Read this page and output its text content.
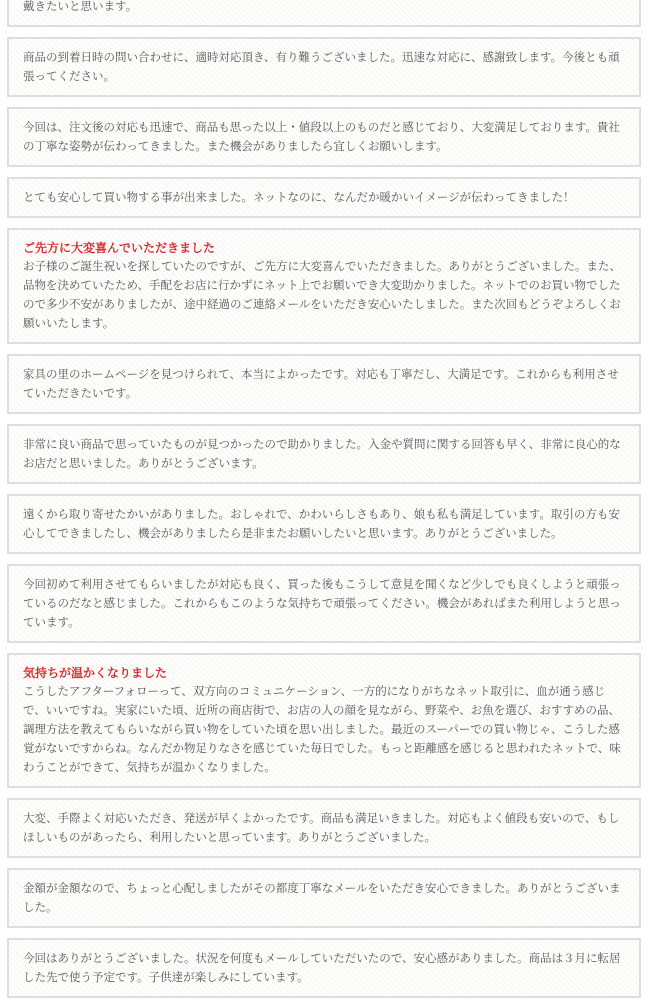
戴きたいと思います。
商品の到着日時の問い合わせに、適時対応頂き、有り難うございました。迅速な対応に、感謝致します。今後とも頑張ってください。
今回は、注文後の対応も迅速で、商品も思った以上・値段以上のものだと感じており、大変満足しております。貴社の丁寧な姿勢が伝わってきました。また機会がありましたら宜しくお願いします。
とても安心して買い物する事が出来ました。ネットなのに、なんだか暖かいイメージが伝わってきました！
ご先方に大変喜んでいただきました
お子様のご誕生祝いを探していたのですが、ご先方に大変喜んでいただきました。ありがとうございました。また、品物を決めていたため、手配をお店に行かずにネット上でお願いでき大変助かりました。ネットでのお買い物でしたので多少不安がありましたが、途中経過のご連絡メールをいただき安心いたしました。また次回もどうぞよろしくお願いいたします。
家具の里のホームページを見つけられて、本当によかったです。対応も丁寧だし、大満足です。これからも利用させていただきたいです。
非常に良い商品で思っていたものが見つかったので助かりました。入金や質問に関する回答も早く、非常に良心的なお店だと思いました。ありがとうございます。
遠くから取り寄せたかいがありました。おしゃれで、かわいらしさもあり、娘も私も満足しています。取引の方も安心してできましたし、機会がありましたら是非またお願いしたいと思います。ありがとうございました。
今回初めて利用させてもらいましたが対応も良く、買った後もこうして意見を聞くなど少しでも良くしようと頑張っているのだなと感じました。これからもこのような気持ちで頑張ってください。機会があればまた利用しようと思っています。
気持ちが温かくなりました
こうしたアフターフォローって、双方向のコミュニケーション、一方的になりがちなネット取引に、血が通う感じで、いいですね。実家にいた頃、近所の商店街で、お店の人の顔を見ながら、野菜や、お魚を選び、おすすめの品、調理方法を教えてもらいながら買い物をしていた頃を思い出しました。最近のスーパーでの買い物じゃ、こうした感覚がないですからね。なんだか物足りなさを感じていた毎日でした。もっと距離感を感じると思われたネットで、味わうことができて、気持ちが温かくなりました。
大変、手際よく対応いただき、発送が早くよかったです。商品も満足いきました。対応もよく値段も安いので、もしほしいものがあったら、利用したいと思っています。ありがとうございました。
金額が金額なので、ちょっと心配しましたがその都度丁寧なメールをいただき安心できました。ありがとうございました。
今回はありがとうございました。状況を何度もメールしていただいたので、安心感がありました。商品は３月に転居した先で使う予定です。子供達が楽しみにしています。
